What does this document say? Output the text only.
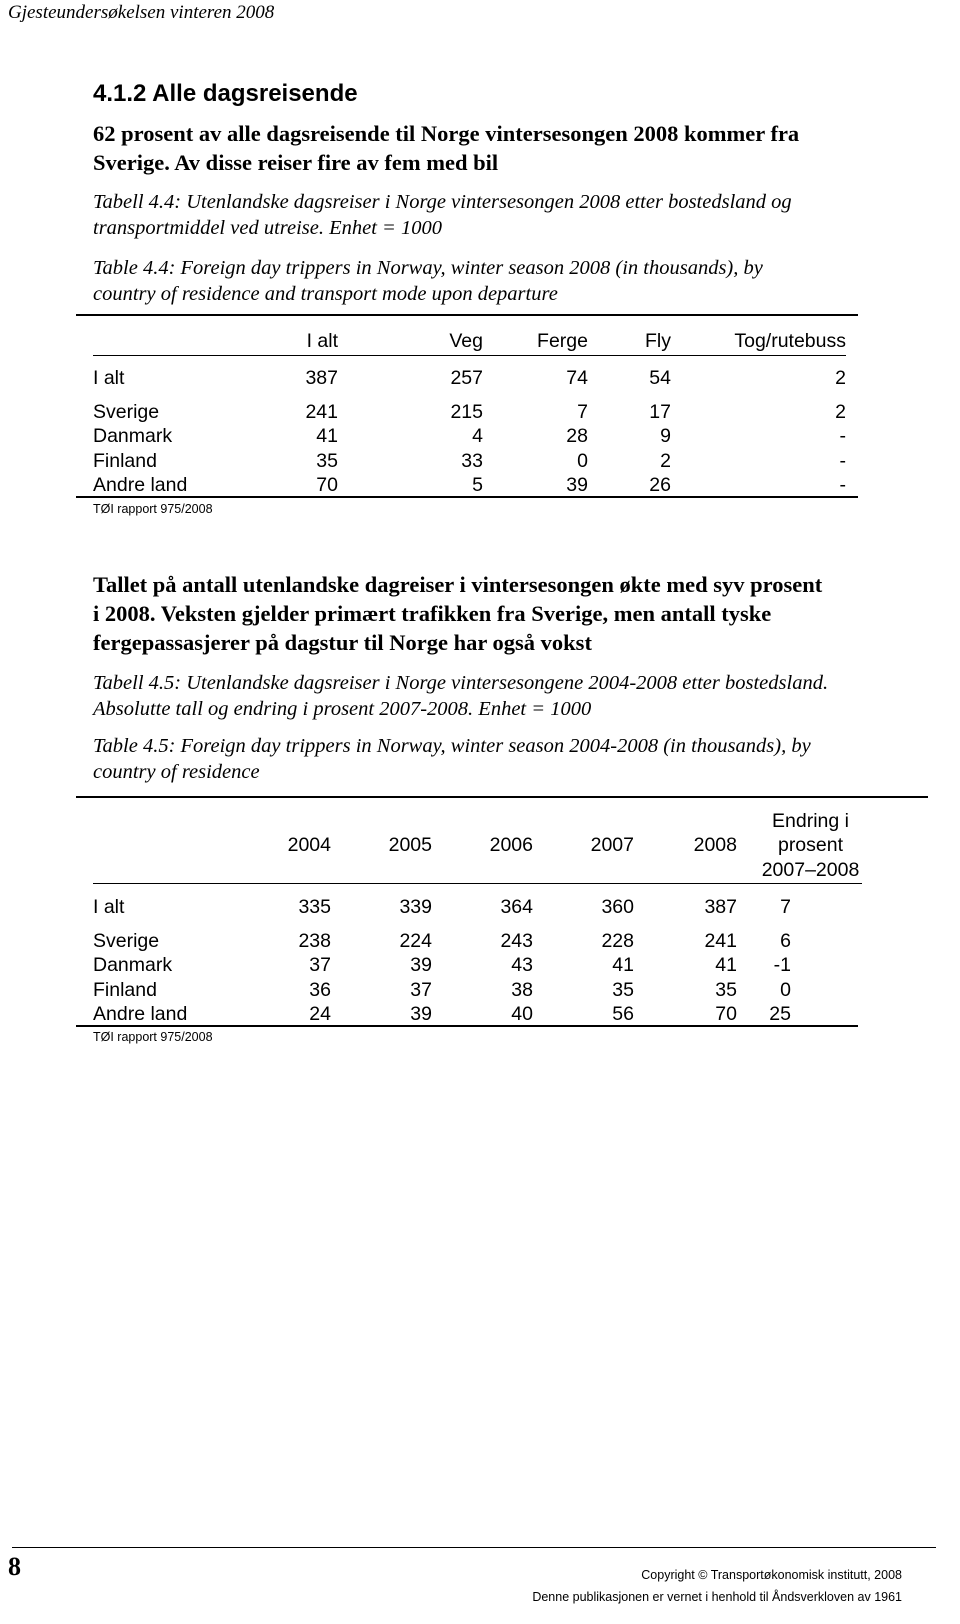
Gjesteundersøkelsen vinteren 2008
4.1.2 Alle dagsreisende
62 prosent av alle dagsreisende til Norge vintersesongen 2008 kommer fra
Sverige. Av disse reiser fire av fem med bil
Tabell 4.4: Utenlandske dagsreiser i Norge vintersesongen 2008 etter bostedsland og
transportmiddel ved utreise. Enhet = 1000
Table 4.4: Foreign day trippers in Norway, winter season 2008 (in thousands), by
country of residence and transport mode upon departure
	I alt	Veg	Ferge	Fly	Tog/rutebuss

I alt	387	257	74	54	2

Sverige	241	215	7	17	2
Danmark	41	4	28	9	-
Finland	35	33	0	2	-
Andre land	70	5	39	26	-
TØI rapport 975/2008
Tallet på antall utenlandske dagreiser i vintersesongen økte med syv prosent
i 2008. Veksten gjelder primært trafikken fra Sverige, men antall tyske
fergepassasjerer på dagstur til Norge har også vokst
Tabell 4.5: Utenlandske dagsreiser i Norge vintersesongene 2004-2008 etter bostedsland.
Absolutte tall og endring i prosent 2007-2008. Enhet = 1000
Table 4.5: Foreign day trippers in Norway, winter season 2004-2008 (in thousands), by
country of residence
	2004	2005	2006	2007	2008	Endring i
prosent
2007–2008

I alt	335	339	364	360	387	7

Sverige	238	224	243	228	241	6
Danmark	37	39	43	41	41	-1
Finland	36	37	38	35	35	0
Andre land	24	39	40	56	70	25
TØI rapport 975/2008
8	Copyright © Transportøkonomisk institutt, 2008
Denne publikasjonen er vernet i henhold til Åndsverkloven av 1961
